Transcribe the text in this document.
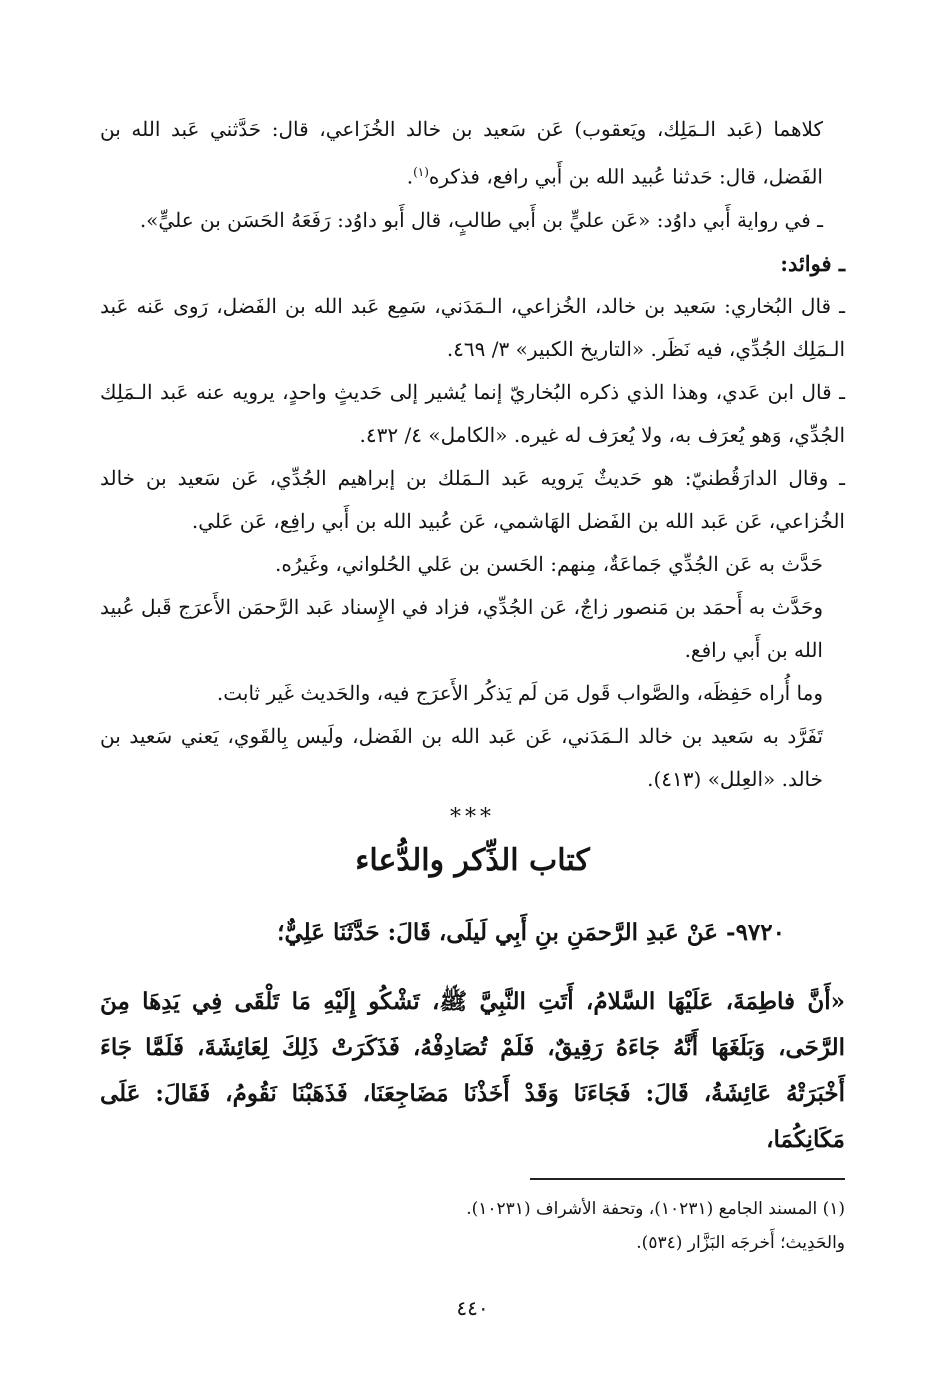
كلاهما (عَبد الـمَلِك، ويَعقوب) عَن سَعيد بن خالد الخُزَاعي، قال: حَدَّثني عَبد الله بن الفَضل، قال: حَدثنا عُبيد الله بن أَبي رافع، فذكره$^{(١)}$.

ـ في رواية أَبي داوُد: «عَن عليٍّ بن أَبي طالبٍ، قال أَبو داوُد: رَفَعَهُ الحَسَن بن عليٍّ».

ـ فوائد:

ـ قال البُخاري: سَعيد بن خالد، الخُزاعي، الـمَدَني، سَمِع عَبد الله بن الفَضل، رَوى عَنه عَبد الـمَلِك الجُدِّي، فيه نَظَر. «التاريخ الكبير» ٣/ ٤٦٩.

ـ قال ابن عَدي، وهذا الذي ذكره البُخاريّ إنما يُشير إلى حَديثٍ واحدٍ، يرويه عنه عَبد الـمَلِك الجُدِّي، وَهو يُعرَف به، ولا يُعرَف له غيره. «الكامل» ٤/ ٤٣٢.

ـ وقال الدارَقُطنيّ: هو حَديثٌ يَرويه عَبد الـمَلك بن إبراهيم الجُدِّي، عَن سَعيد بن خالد الخُزاعي، عَن عَبد الله بن الفَضل الهَاشمي، عَن عُبيد الله بن أَبي رافِع، عَن عَلي.

حَدَّث به عَن الجُدِّي جَماعَةٌ، مِنهم: الحَسن بن عَلي الحُلواني، وغَيرُه.

وحَدَّث به أَحمَد بن مَنصور زاجٌ، عَن الجُدِّي، فزاد في الإِسناد عَبد الرَّحمَن الأَعرَج قَبل عُبيد الله بن أَبي رافع.

وما أُراه حَفِظَه، والصَّواب قَول مَن لَم يَذكُر الأَعرَج فيه، والحَديث غَير ثابت.

تَفَرَّد به سَعيد بن خالد الـمَدَني، عَن عَبد الله بن الفَضل، ولَيس بِالقَوي، يَعني سَعيد بن خالد. «العِلل» (٤١٣).

***
كتاب الذِّكر والدُّعاء

٩٧٢٠- عَنْ عَبدِ الرَّحمَنِ بنِ أَبِي لَيلَى، قَالَ: حَدَّثَنَا عَلِيٌّ؛

«أَنَّ فاطِمَةَ، عَلَيْهَا السَّلامُ، أَتَتِ النَّبِيَّ ﷺ، تَشْكُو إِلَيْهِ مَا تَلْقَى فِي يَدِهَا مِنَ الرَّحَى، وَبَلَغَهَا أَنَّهُ جَاءَهُ رَقِيقٌ، فَلَمْ تُصَادِفْهُ، فَذَكَرَتْ ذَلِكَ لِعَائِشَةَ، فَلَمَّا جَاءَ أَخْبَرَتْهُ عَائِشَةُ، قَالَ: فَجَاءَنَا وَقَدْ أَخَذْنَا مَضَاجِعَنَا، فَذَهَبْنَا نَقُومُ، فَقَالَ: عَلَى مَكَانِكُمَا،

(١) المسند الجامع (١٠٢٣١)، وتحفة الأشراف (١٠٢٣١).
والحَدِيث؛ أَخرجَه البَزَّار (٥٣٤).
٤٤٠
